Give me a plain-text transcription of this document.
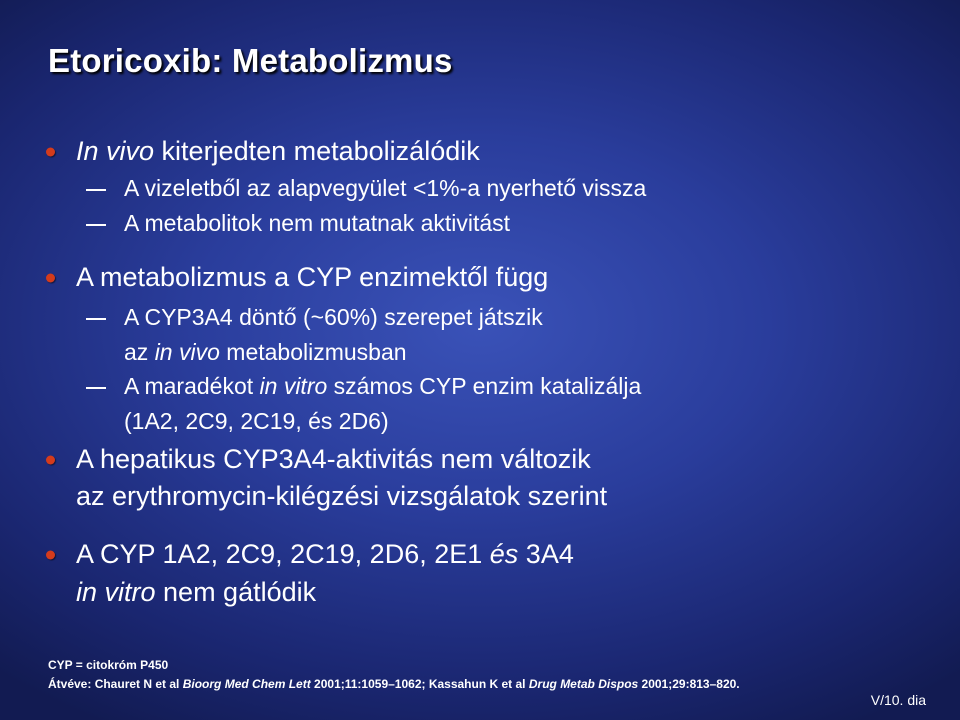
Etoricoxib: Metabolizmus
In vivo kiterjedten metabolizálódik
A vizeletből az alapvegyület <1%-a nyerhető vissza
A metabolitok nem mutatnak aktivitást
A metabolizmus a CYP enzimektől függ
A CYP3A4 döntő (~60%) szerepet játszik
az in vivo metabolizmusban
A maradékot in vitro számos CYP enzim katalizálja
(1A2, 2C9, 2C19, és 2D6)
A hepatikus CYP3A4-aktivitás nem változik
az erythromycin-kilégzési vizsgálatok szerint
A CYP 1A2, 2C9, 2C19, 2D6, 2E1 és 3A4
in vitro nem gátlódik
CYP = citokróm P450
Átvéve: Chauret N et al Bioorg Med Chem Lett 2001;11:1059–1062; Kassahun K et al Drug Metab Dispos 2001;29:813–820.
V/10. dia
